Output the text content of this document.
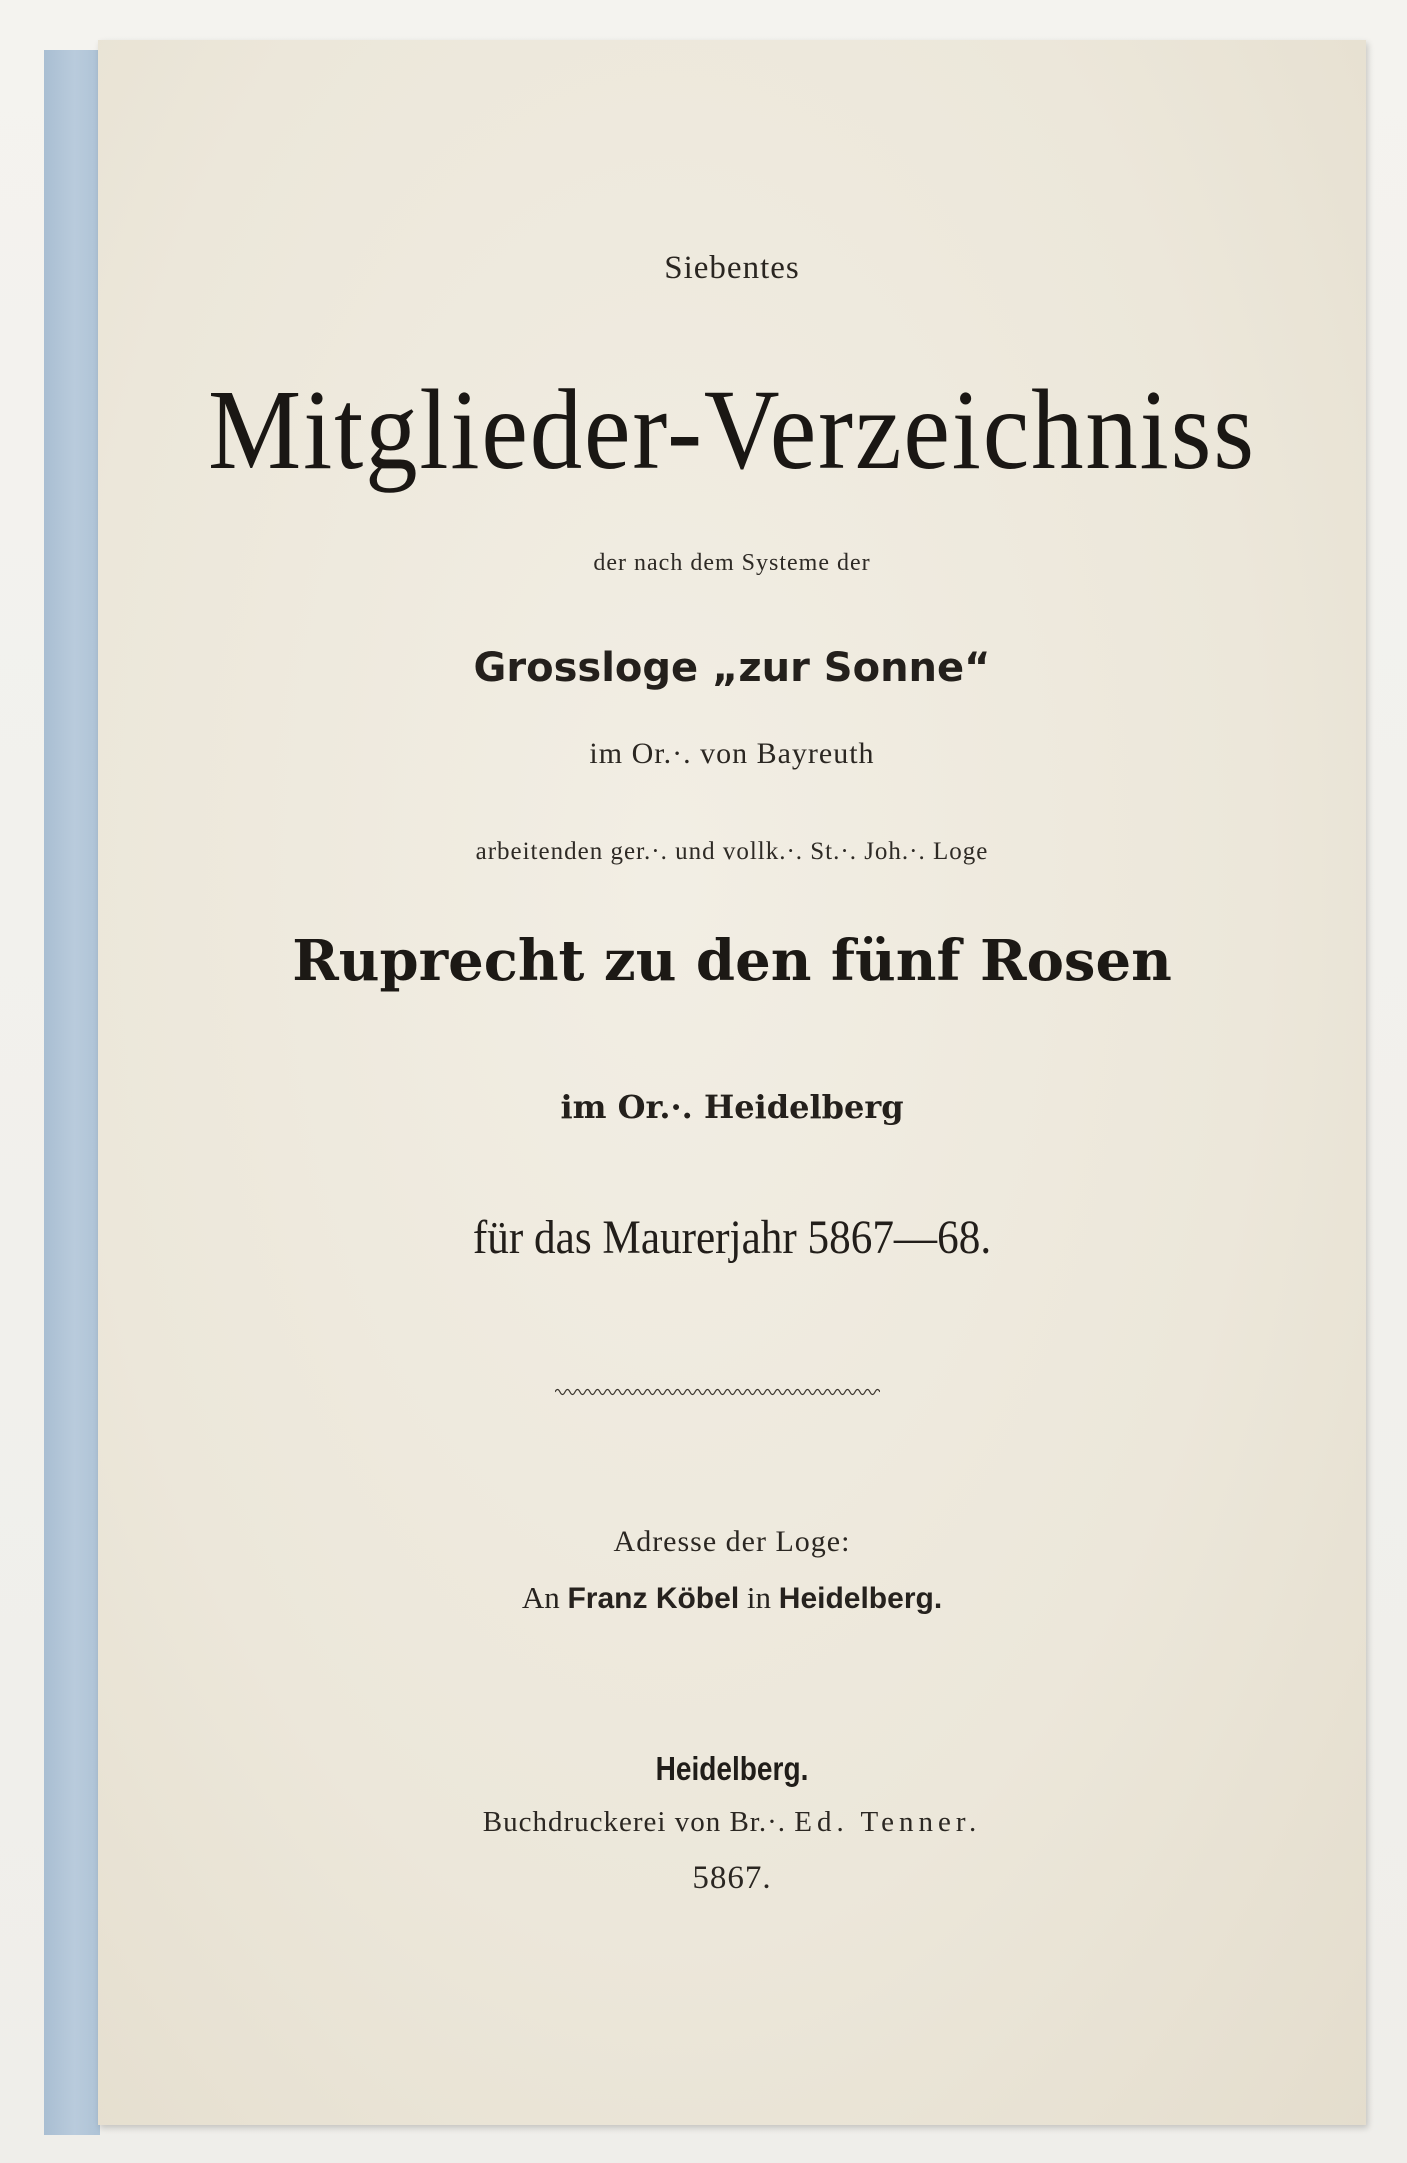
Siebentes
Mitglieder-Verzeichniss
der nach dem Systeme der
Grossloge „zur Sonne“
im Or.·. von Bayreuth
arbeitenden ger.·. und vollk.·. St.·. Joh.·. Loge
Ruprecht zu den fünf Rosen
im Or.·. Heidelberg
für das Maurerjahr 5867—68.
Adresse der Loge:
An Franz Köbel in Heidelberg.
Heidelberg.
Buchdruckerei von Br.·. Ed. Tenner.
5867.
